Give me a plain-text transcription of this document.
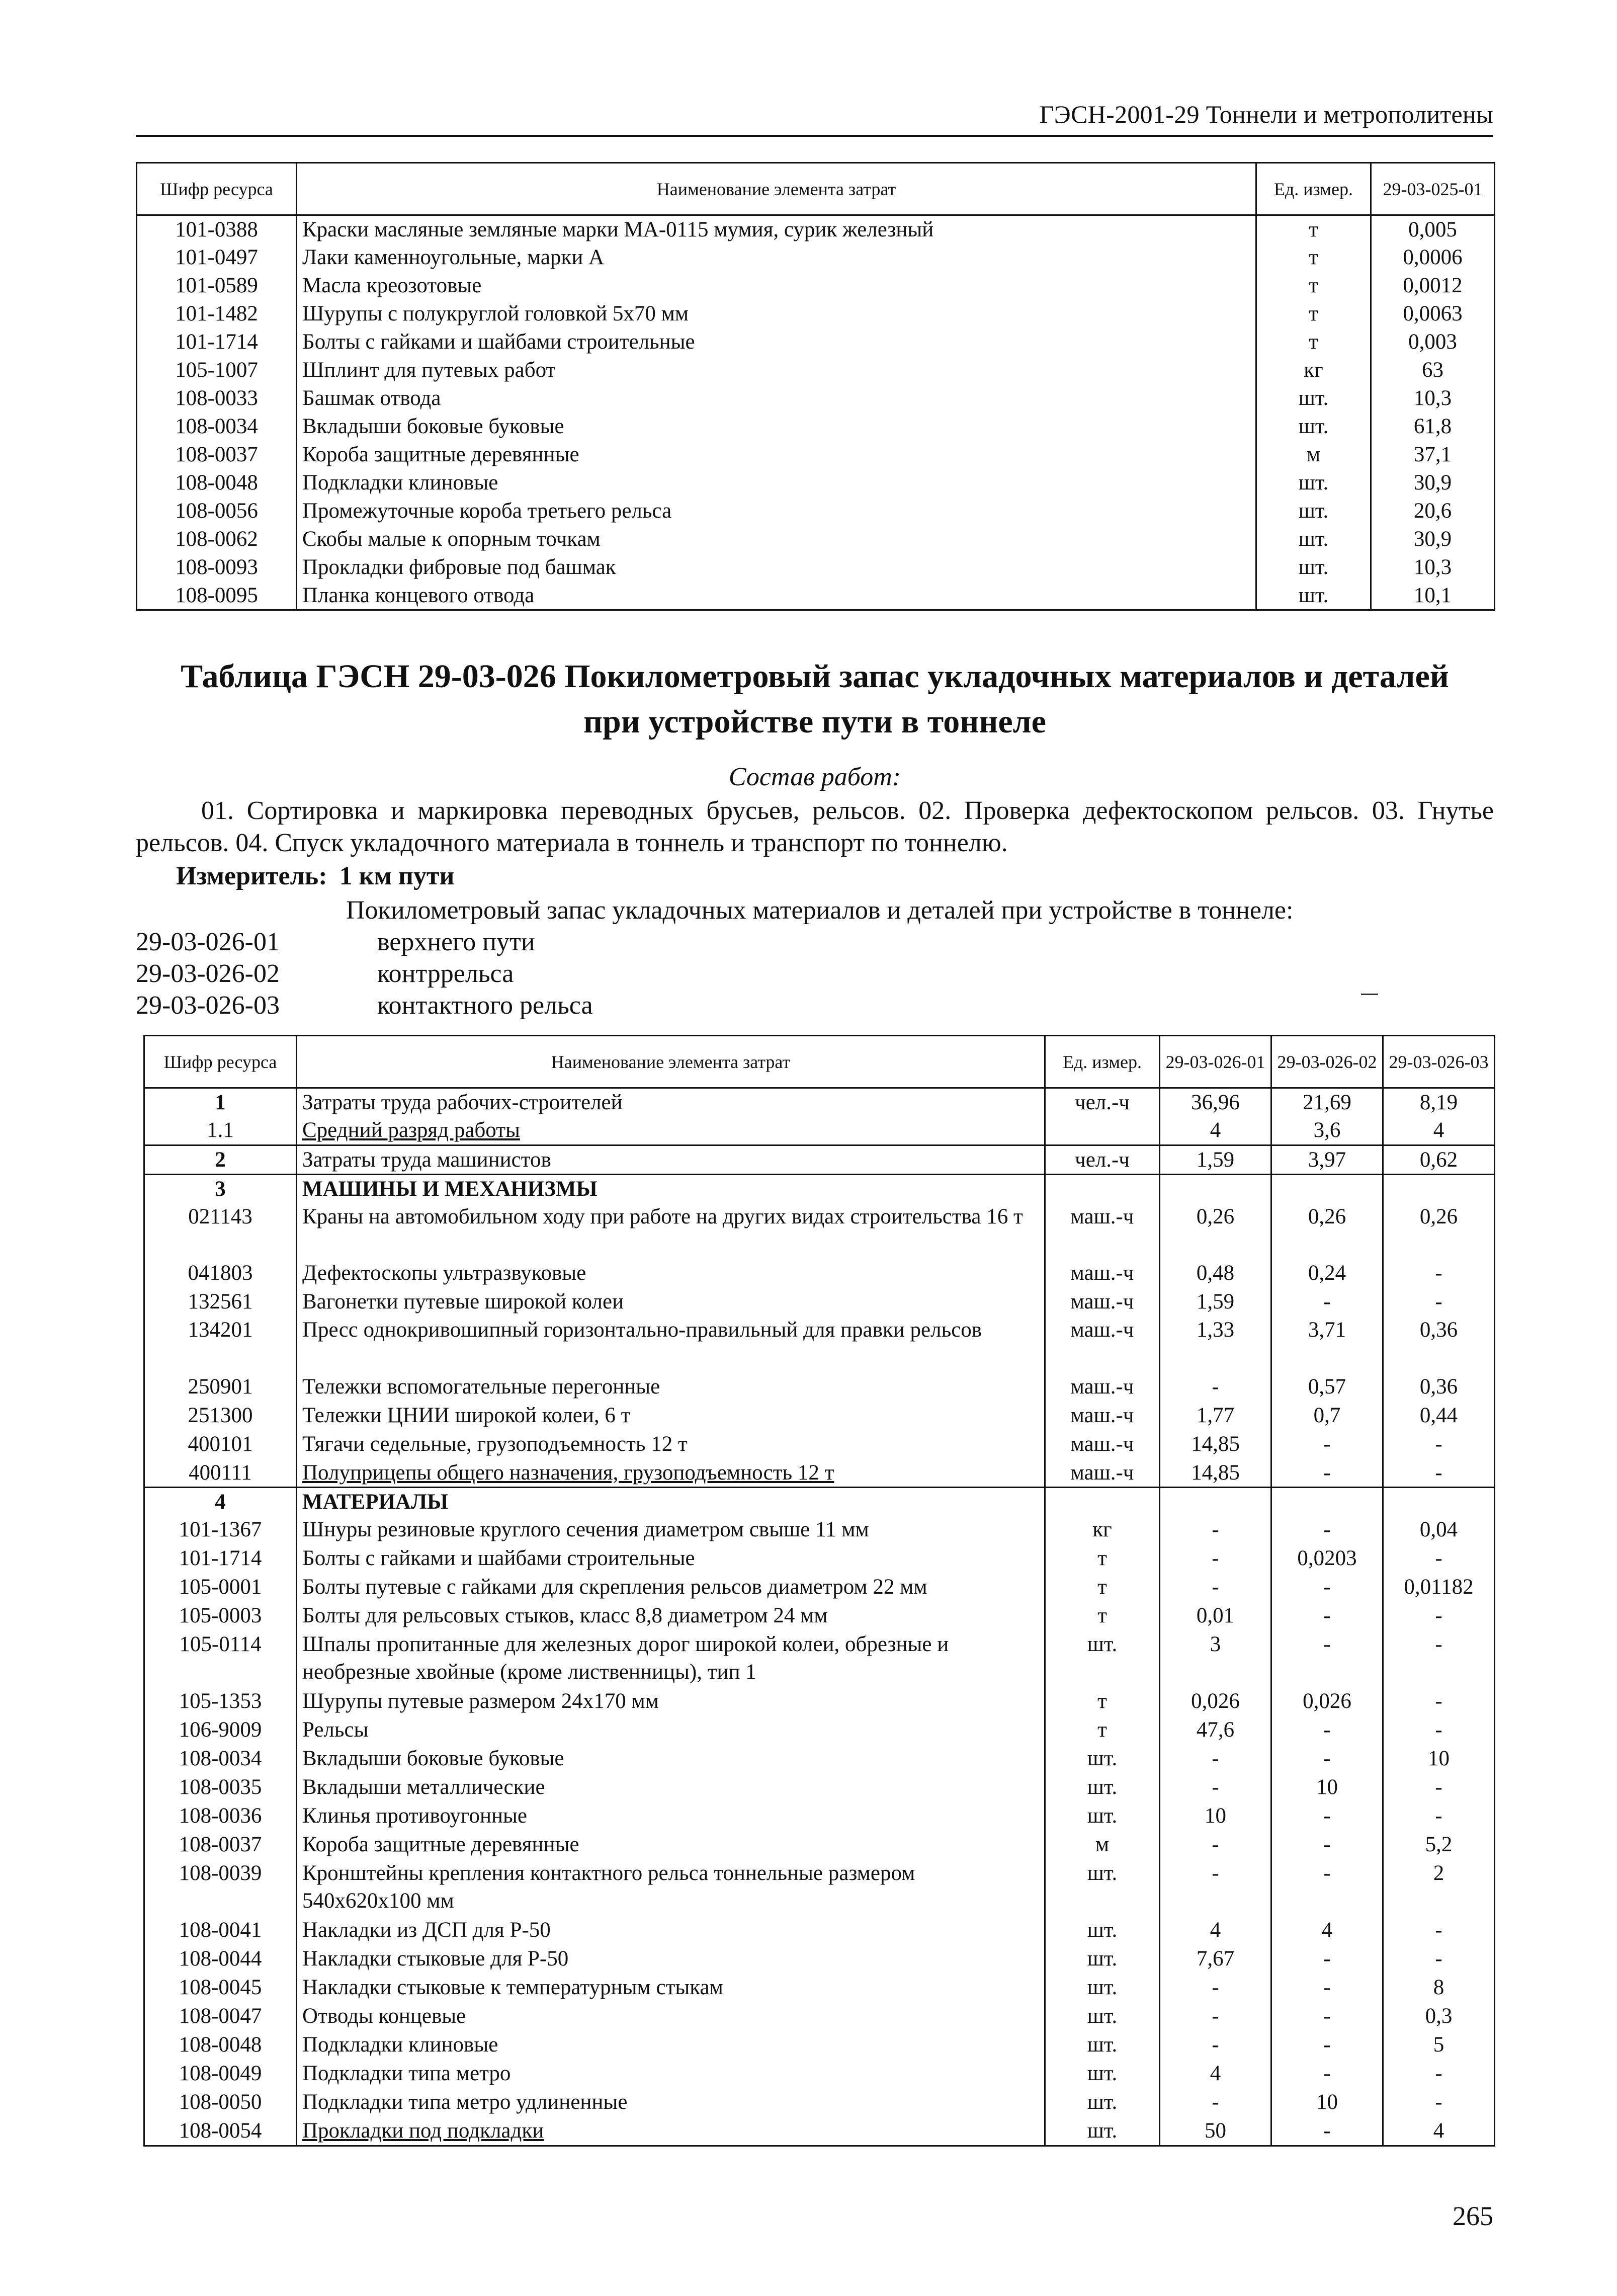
ГЭСН-2001-29 Тоннели и метрополитены
Шифр ресурса	Наименование элемента затрат	Ед. измер.	29-03-025-01
101-0388	Краски масляные земляные марки МА-0115 мумия, сурик железный	т	0,005
101-0497	Лаки каменноугольные, марки А	т	0,0006
101-0589	Масла креозотовые	т	0,0012
101-1482	Шурупы с полукруглой головкой 5x70 мм	т	0,0063
101-1714	Болты с гайками и шайбами строительные	т	0,003
105-1007	Шплинт для путевых работ	кг	63
108-0033	Башмак отвода	шт.	10,3
108-0034	Вкладыши боковые буковые	шт.	61,8
108-0037	Короба защитные деревянные	м	37,1
108-0048	Подкладки клиновые	шт.	30,9
108-0056	Промежуточные короба третьего рельса	шт.	20,6
108-0062	Скобы малые к опорным точкам	шт.	30,9
108-0093	Прокладки фибровые под башмак	шт.	10,3
108-0095	Планка концевого отвода	шт.	10,1
Таблица ГЭСН 29-03-026 Покилометровый запас укладочных материалов и деталей
при устройстве пути в тоннеле
Состав работ:
01. Сортировка и маркировка переводных брусьев, рельсов. 02. Проверка дефектоскопом рельсов. 03. Гнутье рельсов. 04. Спуск укладочного материала в тоннель и транспорт по тоннелю.
Измеритель: 1 км пути
Покилометровый запас укладочных материалов и деталей при устройстве в тоннеле:
29-03-026-01	верхнего пути
29-03-026-02	контррельса
29-03-026-03	контактного рельса
Шифр ресурса	Наименование элемента затрат	Ед. измер.	29-03-026-01	29-03-026-02	29-03-026-03
1	Затраты труда рабочих-строителей	чел.-ч	36,96	21,69	8,19
1.1	Средний разряд работы		4	3,6	4
2	Затраты труда машинистов	чел.-ч	1,59	3,97	0,62
3	МАШИНЫ И МЕХАНИЗМЫ				
021143	Краны на автомобильном ходу при работе на других видах строительства 16 т	маш.-ч	0,26	0,26	0,26
041803	Дефектоскопы ультразвуковые	маш.-ч	0,48	0,24	-
132561	Вагонетки путевые широкой колеи	маш.-ч	1,59	-	-
134201	Пресс однокривошипный горизонтально-правильный для правки рельсов	маш.-ч	1,33	3,71	0,36
250901	Тележки вспомогательные перегонные	маш.-ч	-	0,57	0,36
251300	Тележки ЦНИИ широкой колеи, 6 т	маш.-ч	1,77	0,7	0,44
400101	Тягачи седельные, грузоподъемность 12 т	маш.-ч	14,85	-	-
400111	Полуприцепы общего назначения, грузоподъемность 12 т	маш.-ч	14,85	-	-
4	МАТЕРИАЛЫ				
101-1367	Шнуры резиновые круглого сечения диаметром свыше 11 мм	кг	-	-	0,04
101-1714	Болты с гайками и шайбами строительные	т	-	0,0203	-
105-0001	Болты путевые с гайками для скрепления рельсов диаметром 22 мм	т	-	-	0,01182
105-0003	Болты для рельсовых стыков, класс 8,8 диаметром 24 мм	т	0,01	-	-
105-0114	Шпалы пропитанные для железных дорог широкой колеи, обрезные и необрезные хвойные (кроме лиственницы), тип 1	шт.	3	-	-
105-1353	Шурупы путевые размером 24x170 мм	т	0,026	0,026	-
106-9009	Рельсы	т	47,6	-	-
108-0034	Вкладыши боковые буковые	шт.	-	-	10
108-0035	Вкладыши металлические	шт.	-	10	-
108-0036	Клинья противоугонные	шт.	10	-	-
108-0037	Короба защитные деревянные	м	-	-	5,2
108-0039	Кронштейны крепления контактного рельса тоннельные размером 540x620x100 мм	шт.	-	-	2
108-0041	Накладки из ДСП для Р-50	шт.	4	4	-
108-0044	Накладки стыковые для Р-50	шт.	7,67	-	-
108-0045	Накладки стыковые к температурным стыкам	шт.	-	-	8
108-0047	Отводы концевые	шт.	-	-	0,3
108-0048	Подкладки клиновые	шт.	-	-	5
108-0049	Подкладки типа метро	шт.	4	-	-
108-0050	Подкладки типа метро удлиненные	шт.	-	10	-
108-0054	Прокладки под подкладки	шт.	50	-	4
265
